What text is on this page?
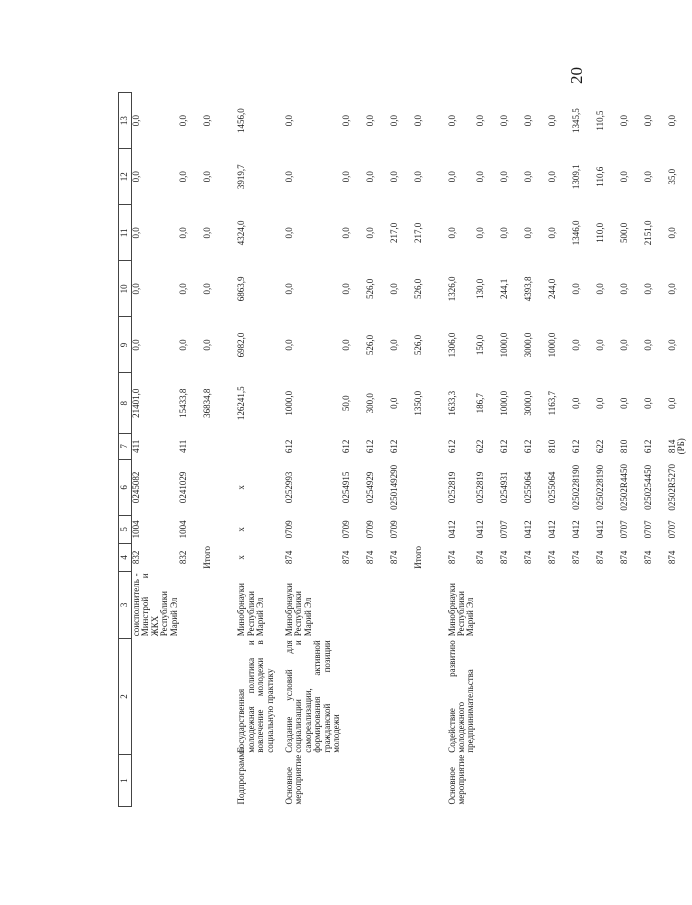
20
1	2	3	4	5	6	7	8	9	10	11	12	13
		соисполнитель - Минстрой и ЖКХ Республики Марий Эл	832	1004	0245082	411	21401,0	0,0	0,0	0,0	0,0	0,0
			832	1004	0241029	411	15433,8	0,0	0,0	0,0	0,0	0,0
			Итого				36834,8	0,0	0,0	0,0	0,0	0,0

Подпрограмма	Государственная молодежная политика и вовлечение молодежи в социальную практику	Минобрнауки Республики Марий Эл	х	х	х		126241,5	6982,0	6863,9	4324,0	3919,7	1456,0

Основное мероприятие	Создание условий для социализации и самореализации, формирования активной гражданской позиции молодежи	Минобрнауки Республики Марий Эл	874	0709	0252993	612	1000,0	0,0	0,0	0,0	0,0	0,0
			874	0709	0254915	612	50,0	0,0	0,0	0,0	0,0	0,0
			874	0709	0254929	612	300,0	526,0	526,0	0,0	0,0	0,0
			874	0709	0250149290	612	0,0	0,0	0,0	217,0	0,0	0,0
			Итого				1350,0	526,0	526,0	217,0	0,0	0,0

Основное мероприятие	Содействие развитию молодежного предпринимательства	Минобрнауки Республики Марий Эл	874	0412	0252819	612	1633,3	1306,0	1326,0	0,0	0,0	0,0
			874	0412	0252819	622	186,7	150,0	130,0	0,0	0,0	0,0
			874	0707	0254931	612	1000,0	1000,0	244,1	0,0	0,0	0,0
			874	0412	0255064	612	3000,0	3000,0	4393,8	0,0	0,0	0,0
			874	0412	0255064	810	1163,7	1000,0	244,0	0,0	0,0	0,0
			874	0412	0250228190	612	0,0	0,0	0,0	1346,0	1309,1	1345,5
			874	0412	0250228190	622	0,0	0,0	0,0	110,0	110,6	110,5
			874	0707	02502R4450	810	0,0	0,0	0,0	500,0	0,0	0,0
			874	0707	0250254450	612	0,0	0,0	0,0	2151,0	0,0	0,0
			874	0707	02502R5270	814 (РБ)	0,0	0,0	0,0	0,0	35,0	0,0
